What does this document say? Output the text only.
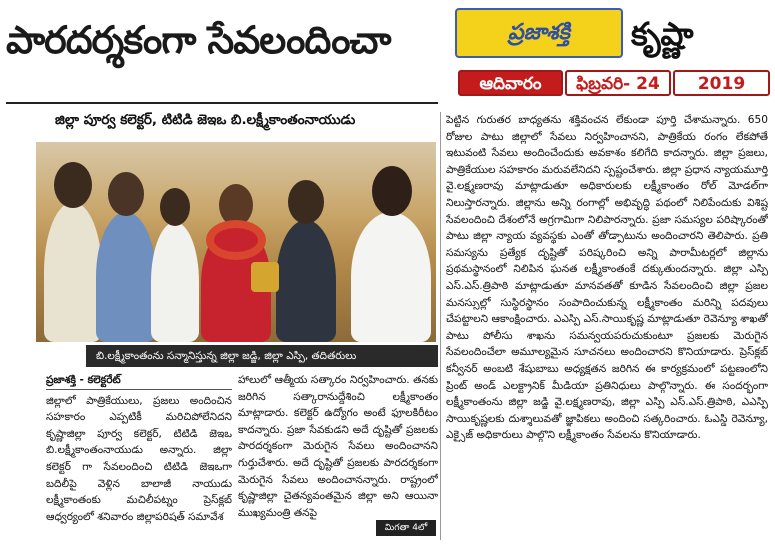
పారదర్శకంగా సేవలందించా	ప్రజాశక్తి	కృష్ణా
ఆదివారం	ఫిబ్రవరి- 24	2019
జిల్లా పూర్వ కలెక్టర్, టిటిడి జెఇఒ బి.లక్ష్మీకాంతంనాయుడు
బి.లక్ష్మీకాంతంను సన్మానిస్తున్న జిల్లా జడ్జి, జిల్లా ఎస్పి, తదితరులు
ప్రజాశక్తి - కలెక్టరేట్
జిల్లాలో పాత్రికేయులు, ప్రజలు అందించిన సహకారం ఎప్పటికీ మరిచిపోలేనిదని కృష్ణాజిల్లా పూర్వ కలెక్టర్, టిటిడి జెఇఒ బి.లక్ష్మీకాంతంనాయుడు అన్నారు. జిల్లా కలెక్టర్ గా సేవలందించి టిటిడి జెఇఒగా బదిలీపై వెళ్లిన బాలాజీ నాయుడు లక్ష్మీకాంతంకు మచిలీపట్నం ప్రెస్‌క్లబ్ ఆధ్వర్యంలో శనివారం జిల్లాపరిషత్ సమావేశ
హాలులో ఆత్మీయ సత్కారం నిర్వహించారు. తనకు జరిగిన సత్కారానుద్దేశించి లక్ష్మీకాంతం మాట్లాడారు. కలెక్టర్ ఉద్యోగం అంటే ఫూలకిరీటం కాదన్నారు. ప్రజా సేవకుడని అదే దృష్టితో ప్రజలకు పారదర్శకంగా మెరుగైన సేవలు అందించానని గుర్తుచేశారు. అదే దృష్టితో ప్రజలకు పారదర్శకంగా మెరుగైన సేవలు అందించానన్నారు. రాష్ట్రంలో కృష్ణాజిల్లా చైతన్యవంతమైన జిల్లా అని ఆయినా ముఖ్యమంత్రి తనపై
మిగతా 4లో
పెట్టిన గురుతర బాధ్యతను శక్తివంచన లేకుండా పూర్తి చేశామన్నారు. 650 రోజుల పాటు జిల్లాలో సేవలు నిర్వహించానని, పాత్రికేయ రంగం లేకపోతే ఇటువంటి సేవలు అందించేందుకు అవకాశం కలిగేది కాదన్నారు. జిల్లా ప్రజలు, పాత్రికేయుల సహకారం మరువలేనిదని స్పష్టంచేశారు. జిల్లా ప్రధాన న్యాయమూర్తి వై.లక్ష్మణరావు మాట్లాడుతూ అధికారులకు లక్ష్మీకాంతం రోల్ మోడల్‌గా నిలుస్తారన్నారు. జిల్లాను అన్ని రంగాల్లో అభివృద్ధి పథంలో నిలిపేందుకు విశిష్ట సేవలందించి దేశంలోనే అగ్రగామిగా నిలిపారన్నారు. ప్రజా సమస్యల పరిష్కారంతో పాటు జిల్లా న్యాయ వ్యవస్థకు ఎంతో తోడ్పాటును అందించారని తెలిపారు. ప్రతి సమస్యను ప్రత్యేక దృష్టితో పరిష్కరించి అన్ని పారామీటర్లలో జిల్లాను ప్రథమస్థానంలో నిలిపిన ఘనత లక్ష్మీకాంతంకే దక్కుతుందన్నారు. జిల్లా ఎస్పి ఎస్.ఎస్.త్రిపాఠి మాట్లాడుతూ మానవతతో కూడిన సేవలందించి జిల్లా ప్రజల మనస్సుల్లో సుస్థిరస్థానం సంపాదించుకున్న లక్ష్మీకాంతం మరిన్ని పదవులు చేపట్టాలని ఆకాంక్షించారు. ఎఎస్పి ఎస్.సాయికృష్ణ మాట్లాడుతూ రెవెన్యూ శాఖతో పాటు పోలీసు శాఖను సమన్వయపరుచుకుంటూ ప్రజలకు మెరుగైన సేవలందించేలా అమూల్యమైన సూచనలు అందించారని కొనియాడారు. ప్రెస్‌క్లబ్ కన్వీనర్ అంబటి శేషుబాబు అధ్యక్షతన జరిగిన ఈ కార్యక్రమంలో పట్టణంలోని ప్రింట్ అండ్ ఎలక్ట్రానిక్ మీడియా ప్రతినిధులు పాల్గొన్నారు. ఈ సందర్భంగా లక్ష్మీకాంతంను జిల్లా జడ్జి వై.లక్ష్మణరావు, జిల్లా ఎస్పి ఎస్.ఎస్.త్రిపాఠి, ఎఎస్పి సాయికృష్ణలకు దుశ్శాలువతో జ్ఞాపికలు అందించి సత్కరించారు. ఓఎస్డి రెవెన్యూ, ఎక్సైజ్ అధికారులు పాల్గొని లక్ష్మీకాంతం సేవలను కొనియాడారు.
